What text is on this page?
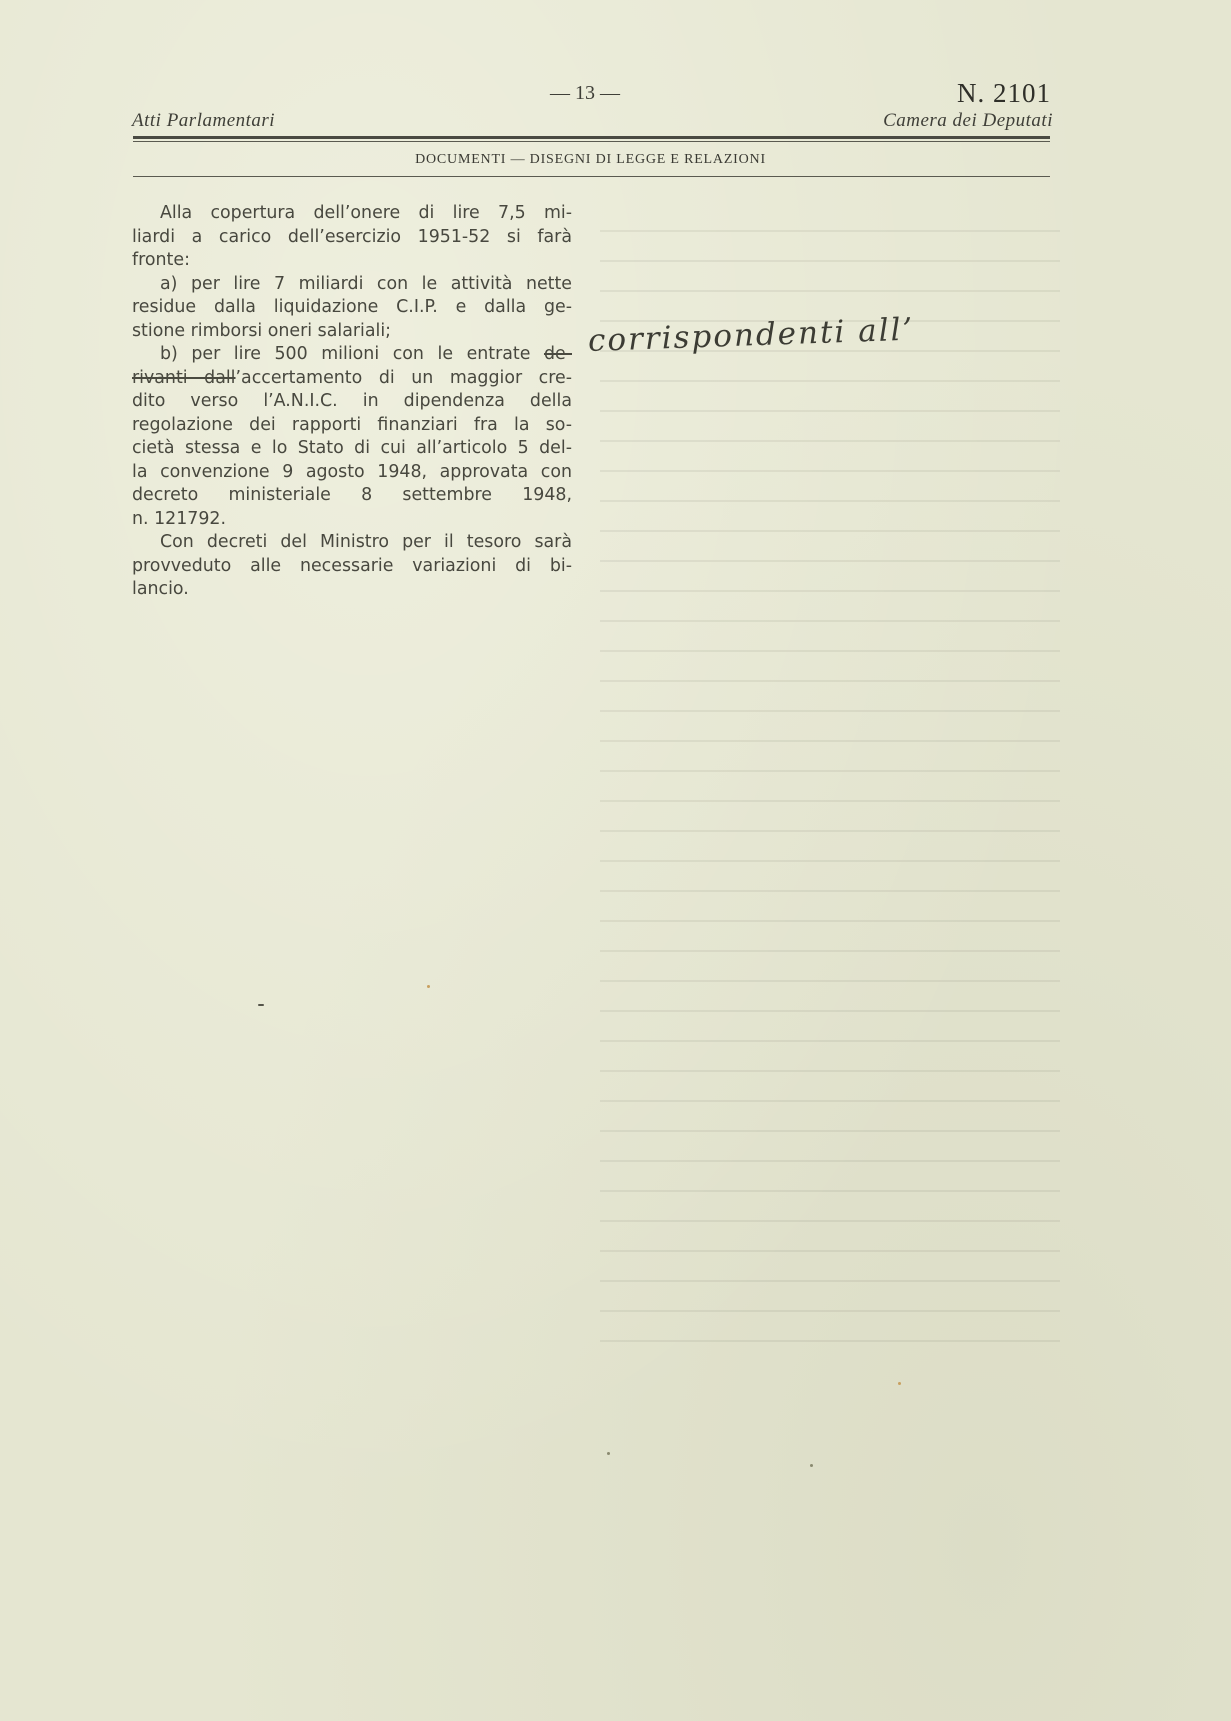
Atti Parlamentari
— 13 —	N. 2101
Camera dei Deputati
DOCUMENTI — DISEGNI DI LEGGE E RELAZIONI
Alla copertura dell’onere di lire 7,5 mi-
liardi a carico dell’esercizio 1951-52 si farà
fronte:
a) per lire 7 miliardi con le attività nette
residue dalla liquidazione C.I.P. e dalla ge-
stione rimborsi oneri salariali;
b) per lire 500 milioni con le entrate de-
rivanti dall’accertamento di un maggior cre-
dito verso l’A.N.I.C. in dipendenza della
regolazione dei rapporti finanziari fra la so-
cietà stessa e lo Stato di cui all’articolo 5 del-
la convenzione 9 agosto 1948, approvata con
decreto ministeriale 8 settembre 1948,
n. 121792.
Con decreti del Ministro per il tesoro sarà
provveduto alle necessarie variazioni di bi-
lancio.
corrispondenti all’
